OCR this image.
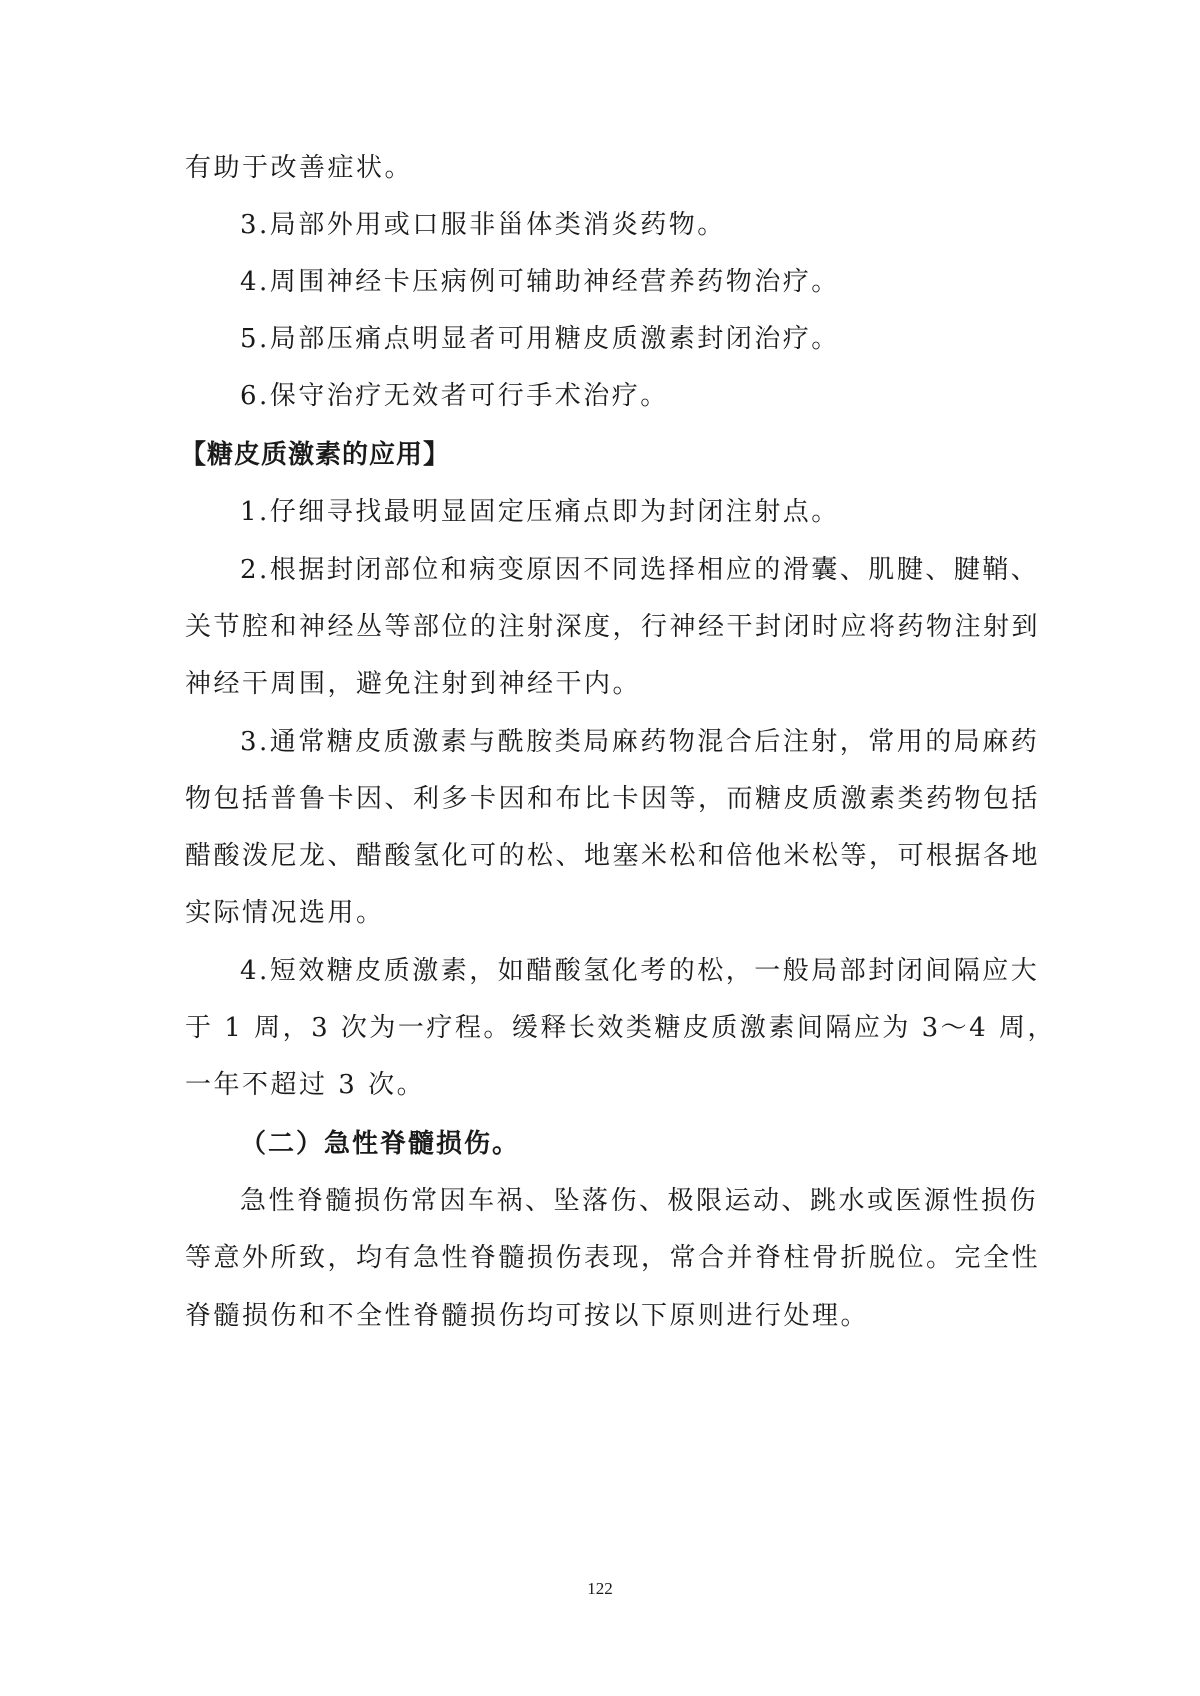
有助于改善症状。
3.局部外用或口服非甾体类消炎药物。
4.周围神经卡压病例可辅助神经营养药物治疗。
5.局部压痛点明显者可用糖皮质激素封闭治疗。
6.保守治疗无效者可行手术治疗。
【糖皮质激素的应用】
1.仔细寻找最明显固定压痛点即为封闭注射点。
2.根据封闭部位和病变原因不同选择相应的滑囊、肌腱、腱鞘、
关节腔和神经丛等部位的注射深度，行神经干封闭时应将药物注射到
神经干周围，避免注射到神经干内。
3.通常糖皮质激素与酰胺类局麻药物混合后注射，常用的局麻药
物包括普鲁卡因、利多卡因和布比卡因等，而糖皮质激素类药物包括
醋酸泼尼龙、醋酸氢化可的松、地塞米松和倍他米松等，可根据各地
实际情况选用。
4.短效糖皮质激素，如醋酸氢化考的松，一般局部封闭间隔应大
于 1 周，3 次为一疗程。缓释长效类糖皮质激素间隔应为 3～4 周，
一年不超过 3 次。
（二）急性脊髓损伤。
急性脊髓损伤常因车祸、坠落伤、极限运动、跳水或医源性损伤
等意外所致，均有急性脊髓损伤表现，常合并脊柱骨折脱位。完全性
脊髓损伤和不全性脊髓损伤均可按以下原则进行处理。
122
